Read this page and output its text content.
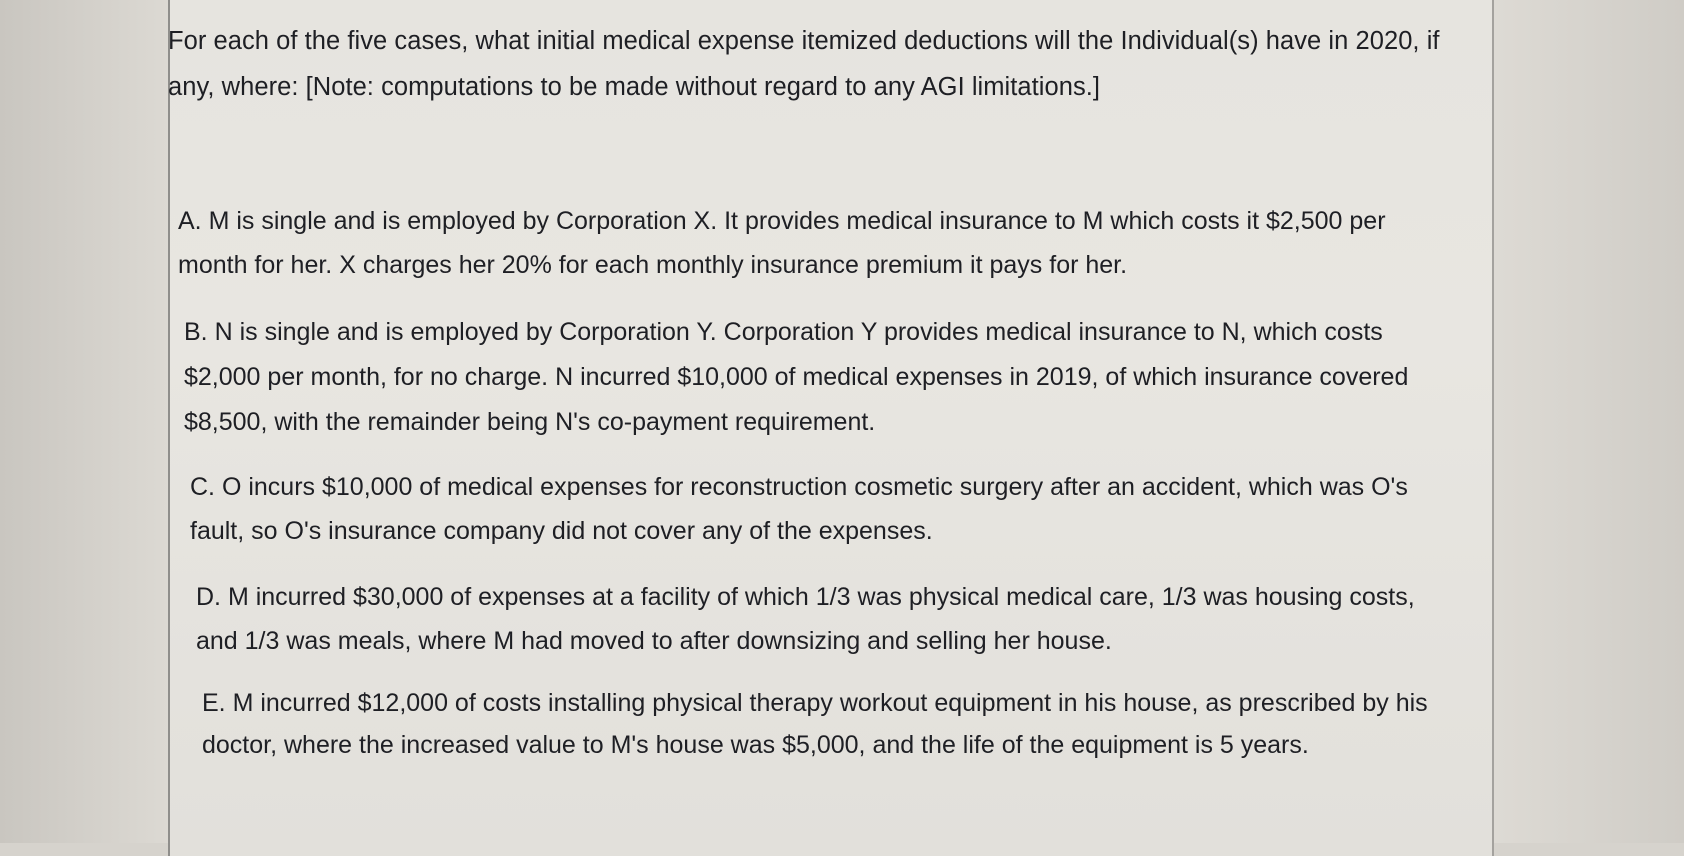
For each of the five cases, what initial medical expense itemized deductions will the Individual(s) have in 2020, if any, where: [Note: computations to be made without regard to any AGI limitations.]
A. M is single and is employed by Corporation X. It provides medical insurance to M which costs it $2,500 per month for her. X charges her 20% for each monthly insurance premium it pays for her.
B. N is single and is employed by Corporation Y. Corporation Y provides medical insurance to N, which costs $2,000 per month, for no charge. N incurred $10,000 of medical expenses in 2019, of which insurance covered $8,500, with the remainder being N's co-payment requirement.
C. O incurs $10,000 of medical expenses for reconstruction cosmetic surgery after an accident, which was O's fault, so O's insurance company did not cover any of the expenses.
D. M incurred $30,000 of expenses at a facility of which 1/3 was physical medical care, 1/3 was housing costs, and 1/3 was meals, where M had moved to after downsizing and selling her house.
E. M incurred $12,000 of costs installing physical therapy workout equipment in his house, as prescribed by his doctor, where the increased value to M's house was $5,000, and the life of the equipment is 5 years.
